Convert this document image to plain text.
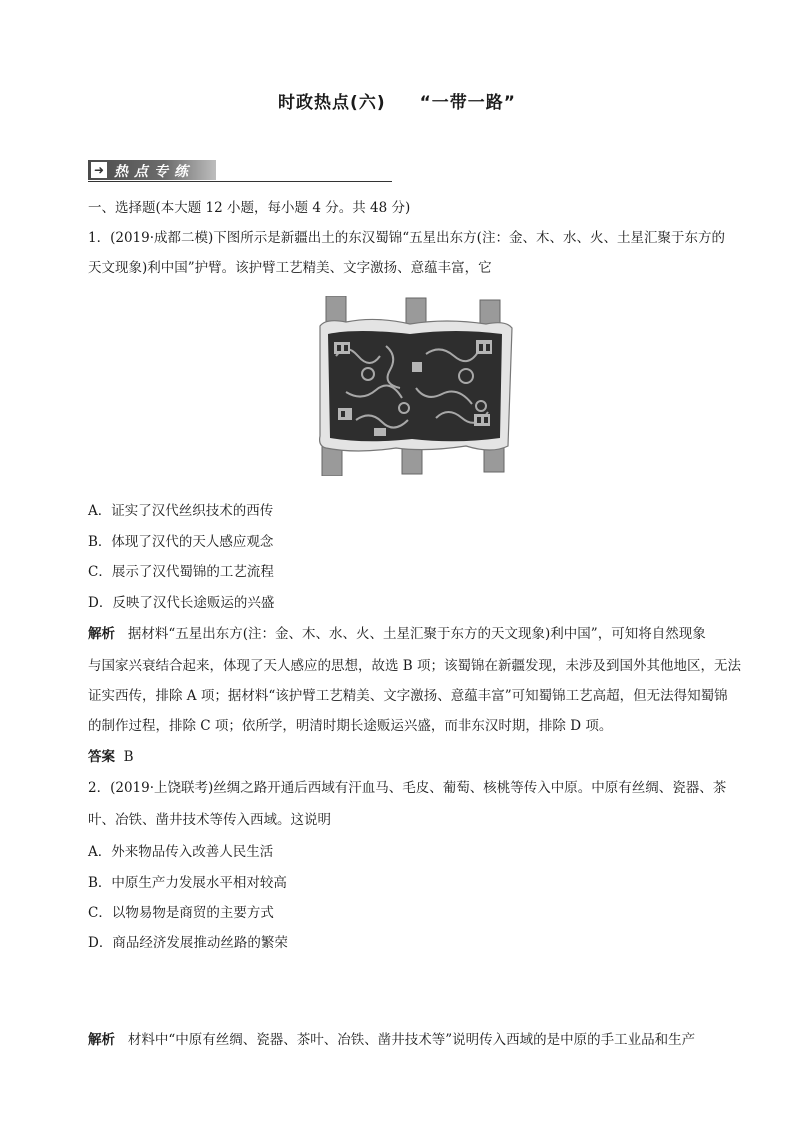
时政热点(六) “一带一路”
➜ 热点专练
一、选择题(本大题 12 小题，每小题 4 分。共 48 分)
1．(2019·成都二模)下图所示是新疆出土的东汉蜀锦“五星出东方(注：金、木、水、火、土星汇聚于东方的
天文现象)利中国”护臂。该护臂工艺精美、文字激扬、意蕴丰富，它
A．证实了汉代丝织技术的西传
B．体现了汉代的天人感应观念
C．展示了汉代蜀锦的工艺流程
D．反映了汉代长途贩运的兴盛
解析 据材料“五星出东方(注：金、木、水、火、土星汇聚于东方的天文现象)利中国”，可知将自然现象
与国家兴衰结合起来，体现了天人感应的思想，故选 B 项；该蜀锦在新疆发现，未涉及到国外其他地区，无法
证实西传，排除 A 项；据材料“该护臂工艺精美、文字激扬、意蕴丰富”可知蜀锦工艺高超，但无法得知蜀锦
的制作过程，排除 C 项；依所学，明清时期长途贩运兴盛，而非东汉时期，排除 D 项。
答案 B
2．(2019·上饶联考)丝绸之路开通后西域有汗血马、毛皮、葡萄、核桃等传入中原。中原有丝绸、瓷器、茶
叶、冶铁、凿井技术等传入西域。这说明
A．外来物品传入改善人民生活
B．中原生产力发展水平相对较高
C．以物易物是商贸的主要方式
D．商品经济发展推动丝路的繁荣
解析 材料中“中原有丝绸、瓷器、茶叶、冶铁、凿井技术等”说明传入西域的是中原的手工业品和生产
